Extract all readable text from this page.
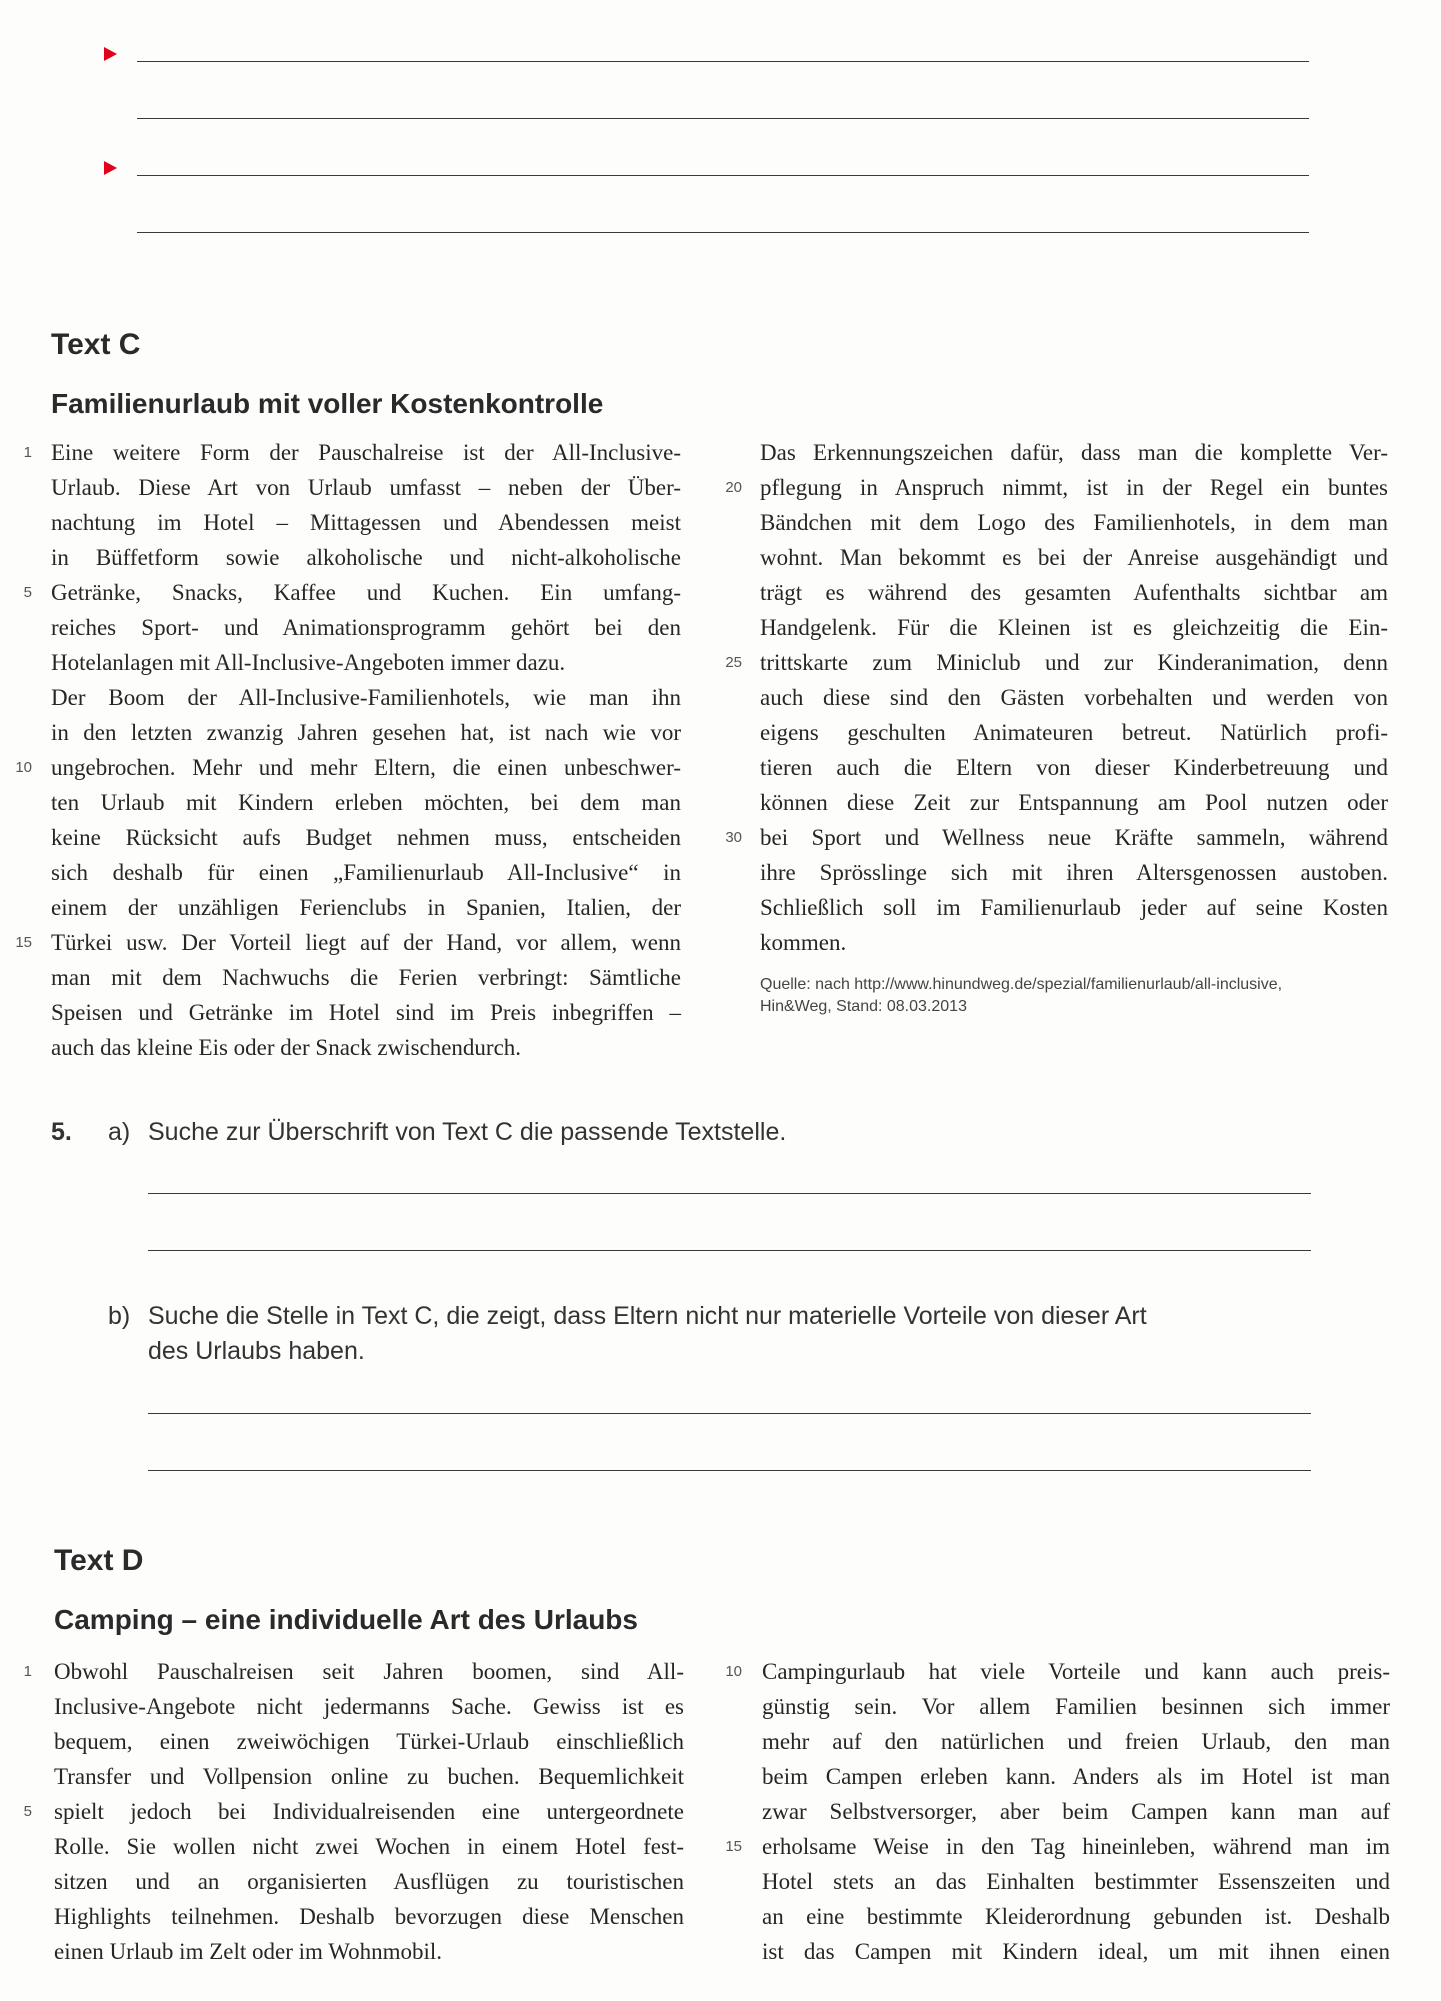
Text C
Familienurlaub mit voller Kostenkontrolle
1
5
10
15
Eine weitere Form der Pauschalreise ist der All-Inclusive-
Urlaub. Diese Art von Urlaub umfasst – neben der Über-
nachtung im Hotel – Mittagessen und Abendessen meist
in Büffetform sowie alkoholische und nicht-alkoholische
Getränke, Snacks, Kaffee und Kuchen. Ein umfang-
reiches Sport- und Animationsprogramm gehört bei den
Hotelanlagen mit All-Inclusive-Angeboten immer dazu.
Der Boom der All-Inclusive-Familienhotels, wie man ihn
in den letzten zwanzig Jahren gesehen hat, ist nach wie vor
ungebrochen. Mehr und mehr Eltern, die einen unbeschwer-
ten Urlaub mit Kindern erleben möchten, bei dem man
keine Rücksicht aufs Budget nehmen muss, entscheiden
sich deshalb für einen „Familienurlaub All-Inclusive“ in
einem der unzähligen Ferienclubs in Spanien, Italien, der
Türkei usw. Der Vorteil liegt auf der Hand, vor allem, wenn
man mit dem Nachwuchs die Ferien verbringt: Sämtliche
Speisen und Getränke im Hotel sind im Preis inbegriffen –
auch das kleine Eis oder der Snack zwischendurch.
20
25
30
Das Erkennungszeichen dafür, dass man die komplette Ver-
pflegung in Anspruch nimmt, ist in der Regel ein buntes
Bändchen mit dem Logo des Familienhotels, in dem man
wohnt. Man bekommt es bei der Anreise ausgehändigt und
trägt es während des gesamten Aufenthalts sichtbar am
Handgelenk. Für die Kleinen ist es gleichzeitig die Ein-
trittskarte zum Miniclub und zur Kinderanimation, denn
auch diese sind den Gästen vorbehalten und werden von
eigens geschulten Animateuren betreut. Natürlich profi-
tieren auch die Eltern von dieser Kinderbetreuung und
können diese Zeit zur Entspannung am Pool nutzen oder
bei Sport und Wellness neue Kräfte sammeln, während
ihre Sprösslinge sich mit ihren Altersgenossen austoben.
Schließlich soll im Familienurlaub jeder auf seine Kosten
kommen.
Quelle: nach http://www.hinundweg.de/spezial/familienurlaub/all-inclusive, Hin&Weg, Stand: 08.03.2013
5. a) Suche zur Überschrift von Text C die passende Textstelle.
b) Suche die Stelle in Text C, die zeigt, dass Eltern nicht nur materielle Vorteile von dieser Art
des Urlaubs haben.
Text D
Camping – eine individuelle Art des Urlaubs
1
5
Obwohl Pauschalreisen seit Jahren boomen, sind All-
Inclusive-Angebote nicht jedermanns Sache. Gewiss ist es
bequem, einen zweiwöchigen Türkei-Urlaub einschließlich
Transfer und Vollpension online zu buchen. Bequemlichkeit
spielt jedoch bei Individualreisenden eine untergeordnete
Rolle. Sie wollen nicht zwei Wochen in einem Hotel fest-
sitzen und an organisierten Ausflügen zu touristischen
Highlights teilnehmen. Deshalb bevorzugen diese Menschen
einen Urlaub im Zelt oder im Wohnmobil.
10
15
Campingurlaub hat viele Vorteile und kann auch preis-
günstig sein. Vor allem Familien besinnen sich immer
mehr auf den natürlichen und freien Urlaub, den man
beim Campen erleben kann. Anders als im Hotel ist man
zwar Selbstversorger, aber beim Campen kann man auf
erholsame Weise in den Tag hineinleben, während man im
Hotel stets an das Einhalten bestimmter Essenszeiten und
an eine bestimmte Kleiderordnung gebunden ist. Deshalb
ist das Campen mit Kindern ideal, um mit ihnen einen
